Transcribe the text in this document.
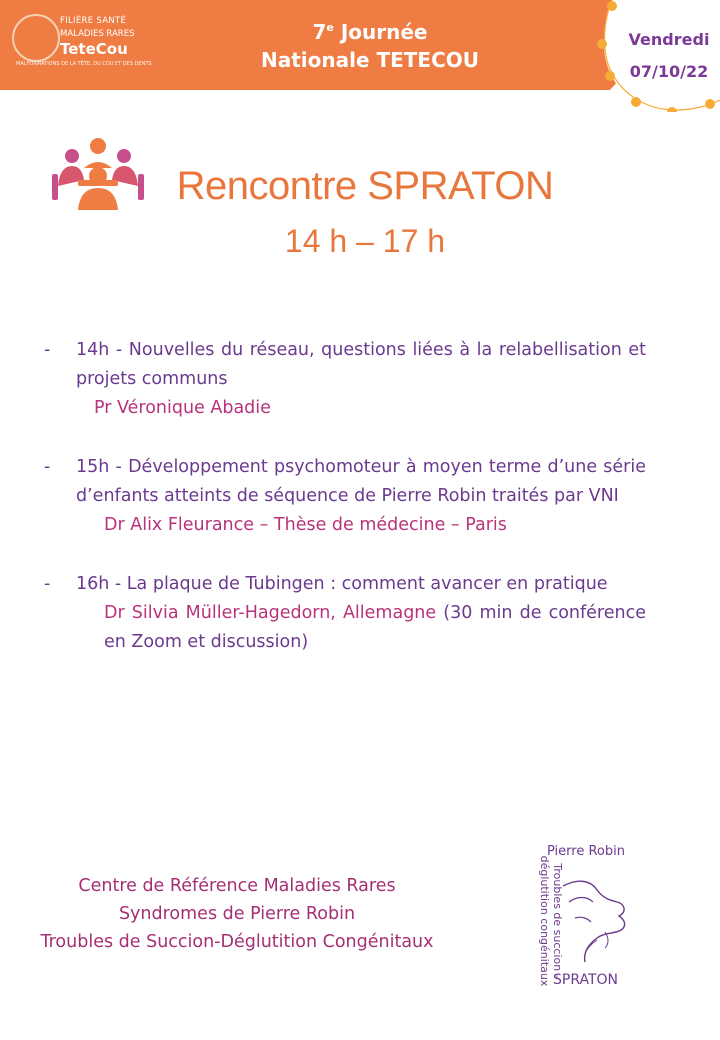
FILIÈRE SANTÉ
MALADIES RARES
TeteCou
MALFORMATIONS DE LA TÊTE, DU COU ET DES DENTS
7e Journée
Nationale TETECOU
Vendredi
07/10/22
Rencontre SPRATON
14 h – 17 h
- 14h - Nouvelles du réseau, questions liées à la relabellisation et projets communs
Pr Véronique Abadie
- 15h - Développement psychomoteur à moyen terme d’une série d’enfants atteints de séquence de Pierre Robin traités par VNI
Dr Alix Fleurance – Thèse de médecine – Paris
- 16h - La plaque de Tubingen : comment avancer en pratique
Dr Silvia Müller-Hagedorn, Allemagne (30 min de conférence en Zoom et discussion)
Centre de Référence Maladies Rares
Syndromes de Pierre Robin
Troubles de Succion-Déglutition Congénitaux
Pierre Robin
Troubles de succion -
déglutition congénitaux SPRATON
